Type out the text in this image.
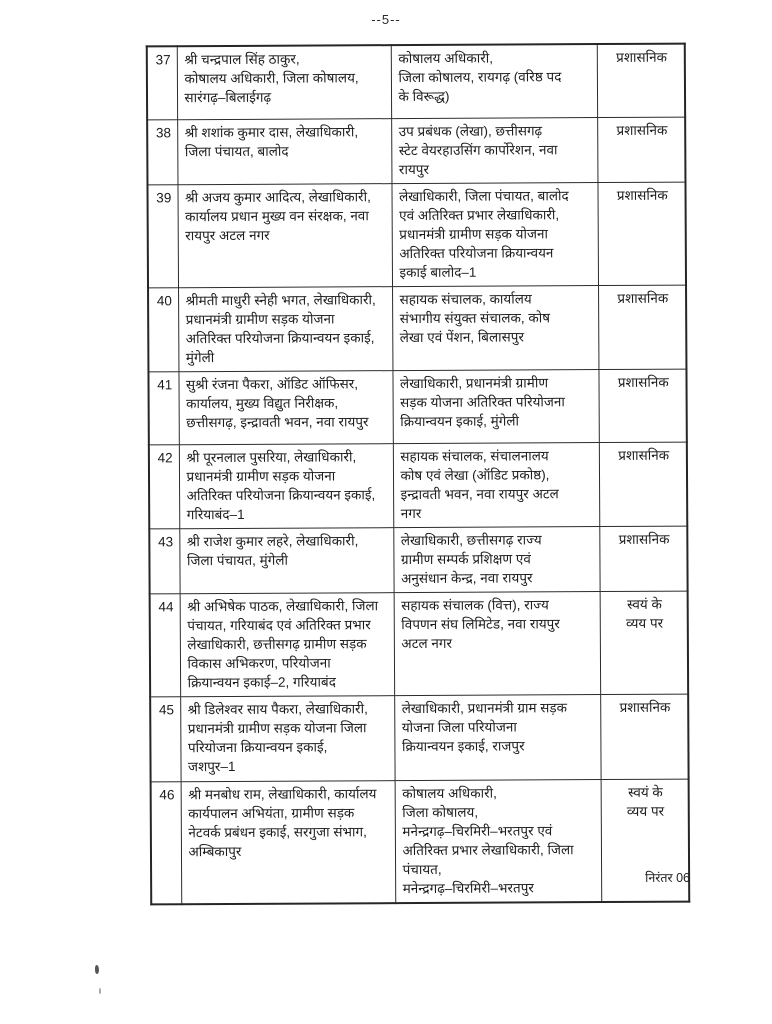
--5--
37	श्री चन्द्रपाल सिंह ठाकुर,
कोषालय अधिकारी, जिला कोषालय,
सारंगढ़–बिलाईगढ़	कोषालय अधिकारी,
जिला कोषालय, रायगढ़ (वरिष्ठ पद
के विरूद्ध)	प्रशासनिक
38	श्री शशांक कुमार दास, लेखाधिकारी,
जिला पंचायत, बालोद	उप प्रबंधक (लेखा), छत्तीसगढ़
स्टेट वेयरहाउसिंग कार्पोरेशन, नवा
रायपुर	प्रशासनिक
39	श्री अजय कुमार आदित्य, लेखाधिकारी,
कार्यालय प्रधान मुख्य वन संरक्षक, नवा
रायपुर अटल नगर	लेखाधिकारी, जिला पंचायत, बालोद
एवं अतिरिक्त प्रभार लेखाधिकारी,
प्रधानमंत्री ग्रामीण सड़क योजना
अतिरिक्त परियोजना क्रियान्वयन
इकाई बालोद–1	प्रशासनिक
40	श्रीमती माधुरी स्नेही भगत, लेखाधिकारी,
प्रधानमंत्री ग्रामीण सड़क योजना
अतिरिक्त परियोजना क्रियान्वयन इकाई,
मुंगेली	सहायक संचालक, कार्यालय
संभागीय संयुक्त संचालक, कोष
लेखा एवं पेंशन, बिलासपुर	प्रशासनिक
41	सुश्री रंजना पैकरा, ऑडिट ऑफिसर,
कार्यालय, मुख्य विद्युत निरीक्षक,
छत्तीसगढ़, इन्द्रावती भवन, नवा रायपुर	लेखाधिकारी, प्रधानमंत्री ग्रामीण
सड़क योजना अतिरिक्त परियोजना
क्रियान्वयन इकाई, मुंगेली	प्रशासनिक
42	श्री पूरनलाल पुसरिया, लेखाधिकारी,
प्रधानमंत्री ग्रामीण सड़क योजना
अतिरिक्त परियोजना क्रियान्वयन इकाई,
गरियाबंद–1	सहायक संचालक, संचालनालय
कोष एवं लेखा (ऑडिट प्रकोष्ठ),
इन्द्रावती भवन, नवा रायपुर अटल
नगर	प्रशासनिक
43	श्री राजेश कुमार लहरे, लेखाधिकारी,
जिला पंचायत, मुंगेली	लेखाधिकारी, छत्तीसगढ़ राज्य
ग्रामीण सम्पर्क प्रशिक्षण एवं
अनुसंधान केन्द्र, नवा रायपुर	प्रशासनिक
44	श्री अभिषेक पाठक, लेखाधिकारी, जिला
पंचायत, गरियाबंद एवं अतिरिक्त प्रभार
लेखाधिकारी, छत्तीसगढ़ ग्रामीण सड़क
विकास अभिकरण, परियोजना
क्रियान्वयन इकाई–2, गरियाबंद	सहायक संचालक (वित्त), राज्य
विपणन संघ लिमिटेड, नवा रायपुर
अटल नगर	स्वयं के
व्यय पर
45	श्री डिलेश्वर साय पैकरा, लेखाधिकारी,
प्रधानमंत्री ग्रामीण सड़क योजना जिला
परियोजना क्रियान्वयन इकाई,
जशपुर–1	लेखाधिकारी, प्रधानमंत्री ग्राम सड़क
योजना जिला परियोजना
क्रियान्वयन इकाई, राजपुर	प्रशासनिक
46	श्री मनबोध राम, लेखाधिकारी, कार्यालय
कार्यपालन अभियंता, ग्रामीण सड़क
नेटवर्क प्रबंधन इकाई, सरगुजा संभाग,
अम्बिकापुर	कोषालय अधिकारी,
जिला कोषालय,
मनेन्द्रगढ़–चिरमिरी–भरतपुर एवं
अतिरिक्त प्रभार लेखाधिकारी, जिला
पंचायत,
मनेन्द्रगढ़–चिरमिरी–भरतपुर	स्वयं के
व्यय पर
निरंतर 06
